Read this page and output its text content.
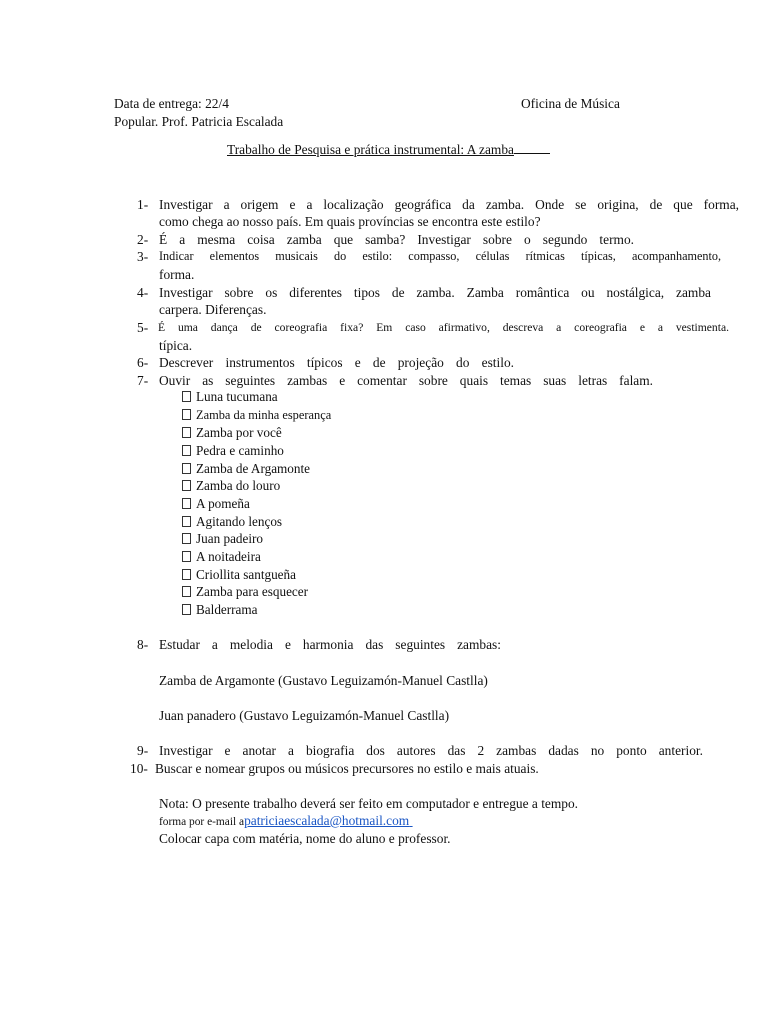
Data de entrega: 22/4	Oficina de Música
Popular. Prof. Patricia Escalada
Trabalho de Pesquisa e prática instrumental: A zamba
1- Investigar a origem e a localização geográfica da zamba. Onde se origina, de que forma,
como chega ao nosso país. Em quais províncias se encontra este estilo?
2- É a mesma coisa zamba que samba? Investigar sobre o segundo termo.
3- Indicar elementos musicais do estilo: compasso, células rítmicas típicas, acompanhamento,
forma.
4- Investigar sobre os diferentes tipos de zamba. Zamba romântica ou nostálgica, zamba
carpera. Diferenças.
5- É uma dança de coreografia fixa? Em caso afirmativo, descreva a coreografia e a vestimenta.
típica.
6- Descrever instrumentos típicos e de projeção do estilo.
7- Ouvir as seguintes zambas e comentar sobre quais temas suas letras falam.
Luna tucumana
Zamba da minha esperança
Zamba por você
Pedra e caminho
Zamba de Argamonte
Zamba do louro
A pomeña
Agitando lenços
Juan padeiro
A noitadeira
Criollita santgueña
Zamba para esquecer
Balderrama
8- Estudar a melodia e harmonia das seguintes zambas:
Zamba de Argamonte (Gustavo Leguizamón-Manuel Castlla)
Juan panadero (Gustavo Leguizamón-Manuel Castlla)
9- Investigar e anotar a biografia dos autores das 2 zambas dadas no ponto anterior.
10- Buscar e nomear grupos ou músicos precursores no estilo e mais atuais.
Nota: O presente trabalho deverá ser feito em computador e entregue a tempo.
forma por e-mail apatriciaescalada@hotmail.com
Colocar capa com matéria, nome do aluno e professor.
